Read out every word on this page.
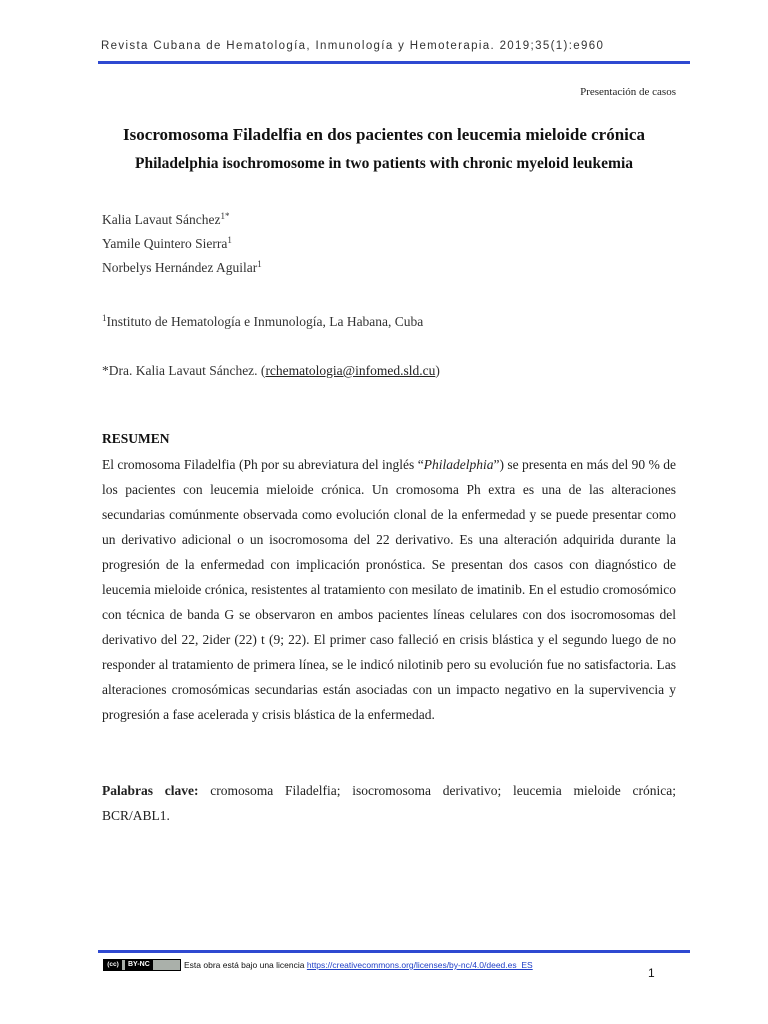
Revista Cubana de Hematología, Inmunología y Hemoterapia. 2019;35(1):e960
Presentación de casos
Isocromosoma Filadelfia en dos pacientes con leucemia mieloide crónica
Philadelphia isochromosome in two patients with chronic myeloid leukemia
Kalia Lavaut Sánchez$^{1*}$
Yamile Quintero Sierra$^1$
Norbelys Hernández Aguilar$^1$
$^1$Instituto de Hematología e Inmunología, La Habana, Cuba
*Dra. Kalia Lavaut Sánchez. (rchematologia@infomed.sld.cu)
RESUMEN

El cromosoma Filadelfia (Ph por su abreviatura del inglés “Philadelphia”) se presenta en más del 90 % de los pacientes con leucemia mieloide crónica. Un cromosoma Ph extra es una de las alteraciones secundarias comúnmente observada como evolución clonal de la enfermedad y se puede presentar como un derivativo adicional o un isocromosoma del 22 derivativo. Es una alteración adquirida durante la progresión de la enfermedad con implicación pronóstica. Se presentan dos casos con diagnóstico de leucemia mieloide crónica, resistentes al tratamiento con mesilato de imatinib. En el estudio cromosómico con técnica de banda G se observaron en ambos pacientes líneas celulares con dos isocromosomas del derivativo del 22, 2ider (22) t (9; 22). El primer caso falleció en crisis blástica y el segundo luego de no responder al tratamiento de primera línea, se le indicó nilotinib pero su evolución fue no satisfactoria. Las alteraciones cromosómicas secundarias están asociadas con un impacto negativo en la supervivencia y progresión a fase acelerada y crisis blástica de la enfermedad.

Palabras clave: cromosoma Filadelfia; isocromosoma derivativo; leucemia mieloide crónica; BCR/ABL1.
(cc)	BY-NC	Esta obra está bajo una licencia https://creativecommons.org/licenses/by-nc/4.0/deed.es_ES
1
